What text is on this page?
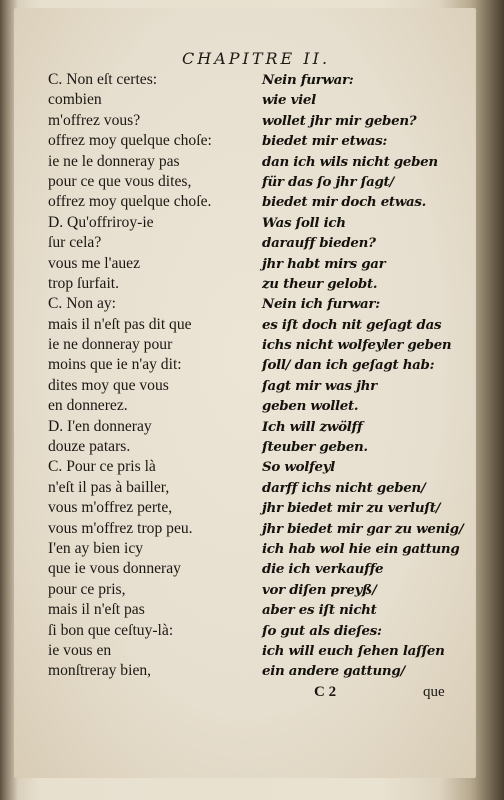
CHAPITRE II.
C. Non eſt certes:
combien
m'offrez vous?
offrez moy quelque choſe:
ie ne le donneray pas
pour ce que vous dites,
offrez moy quelque choſe.
D. Qu'offriroy-ie
ſur cela?
vous me l'auez
trop ſurfait.
C. Non ay:
mais il n'eſt pas dit que
ie ne donneray pour
moins que ie n'ay dit:
dites moy que vous
en donnerez.
D. I'en donneray
douze patars.
C. Pour ce pris là
n'eſt il pas à bailler,
vous m'offrez perte,
vous m'offrez trop peu.
I'en ay bien icy
que ie vous donneray
pour ce pris,
mais il n'eſt pas
ſi bon que ceſtuy-là:
ie vous en
monſtreray bien,
Nein furwar:
wie viel
wollet jhr mir geben?
biedet mir etwas:
dan ich wils nicht geben
für das ſo jhr ſagt/
biedet mir doch etwas.
Was ſoll ich
darauff bieden?
jhr habt mirs gar
zu theur gelobt.
Nein ich furwar:
es iſt doch nit geſagt das
ichs nicht wolfeyler geben
ſoll/ dan ich geſagt hab:
ſagt mir was jhr
geben wollet.
Ich will zwölff
ſteuber geben.
So wolfeyl
darff ichs nicht geben/
jhr biedet mir zu verluſt/
jhr biedet mir gar zu wenig/
ich hab wol hie ein gattung
die ich verkauffe
vor diſen preyß/
aber es iſt nicht
ſo gut als dieſes:
ich will euch ſehen laſſen
ein andere gattung/
C 2	que
